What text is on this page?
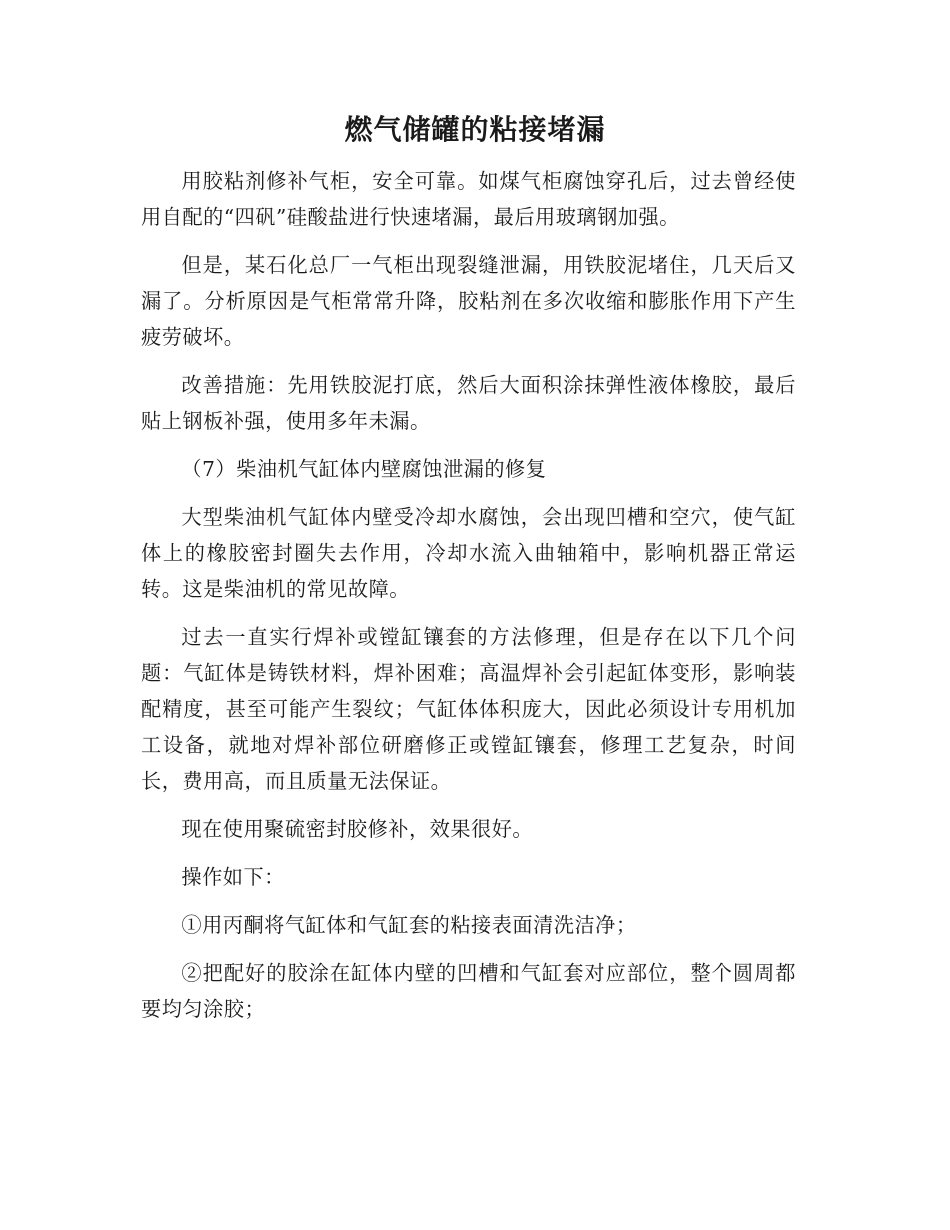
燃气储罐的粘接堵漏

用胶粘剂修补气柜，安全可靠。如煤气柜腐蚀穿孔后，过去曾经使用自配的“四矾”硅酸盐进行快速堵漏，最后用玻璃钢加强。

但是，某石化总厂一气柜出现裂缝泄漏，用铁胶泥堵住，几天后又漏了。分析原因是气柜常常升降，胶粘剂在多次收缩和膨胀作用下产生疲劳破坏。

改善措施：先用铁胶泥打底，然后大面积涂抹弹性液体橡胶，最后贴上钢板补强，使用多年未漏。

（7）柴油机气缸体内壁腐蚀泄漏的修复

大型柴油机气缸体内壁受冷却水腐蚀，会出现凹槽和空穴，使气缸体上的橡胶密封圈失去作用，冷却水流入曲轴箱中，影响机器正常运转。这是柴油机的常见故障。

过去一直实行焊补或镗缸镶套的方法修理，但是存在以下几个问题：气缸体是铸铁材料，焊补困难；高温焊补会引起缸体变形，影响装配精度，甚至可能产生裂纹；气缸体体积庞大，因此必须设计专用机加工设备，就地对焊补部位研磨修正或镗缸镶套，修理工艺复杂，时间长，费用高，而且质量无法保证。

现在使用聚硫密封胶修补，效果很好。

操作如下：

①用丙酮将气缸体和气缸套的粘接表面清洗洁净；

②把配好的胶涂在缸体内壁的凹槽和气缸套对应部位，整个圆周都要均匀涂胶；
